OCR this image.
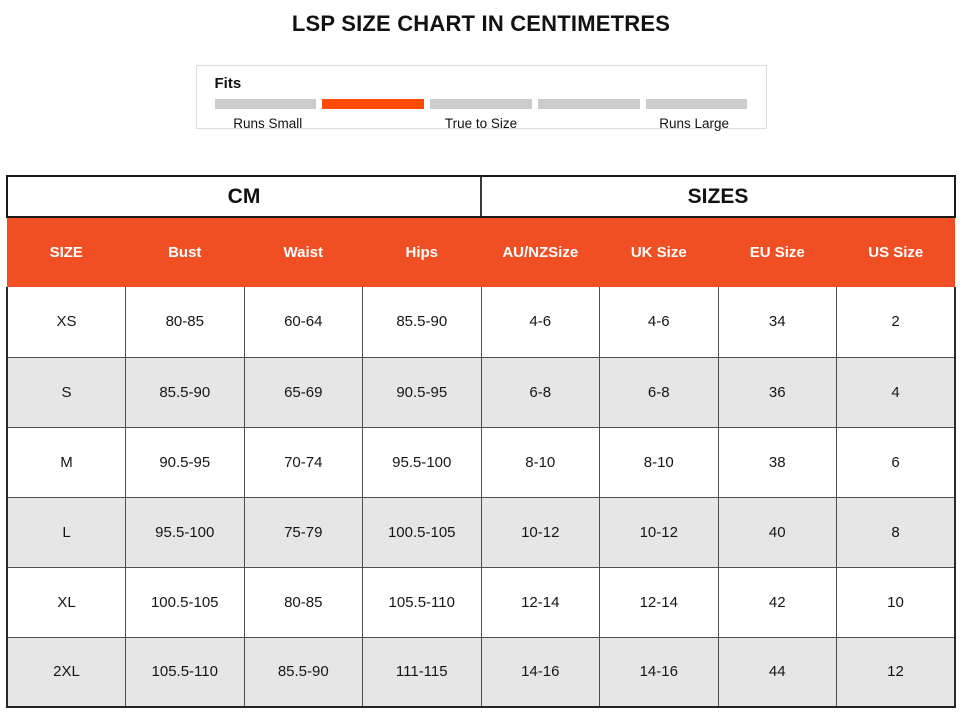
LSP SIZE CHART IN CENTIMETRES
Fits
Runs Small	True to Size	Runs Large
CM				SIZES			
SIZE	Bust	Waist	Hips	AU/NZSize	UK Size	EU Size	US Size
XS	80-85	60-64	85.5-90	4-6	4-6	34	2
S	85.5-90	65-69	90.5-95	6-8	6-8	36	4
M	90.5-95	70-74	95.5-100	8-10	8-10	38	6
L	95.5-100	75-79	100.5-105	10-12	10-12	40	8
XL	100.5-105	80-85	105.5-110	12-14	12-14	42	10
2XL	105.5-110	85.5-90	111-115	14-16	14-16	44	12
